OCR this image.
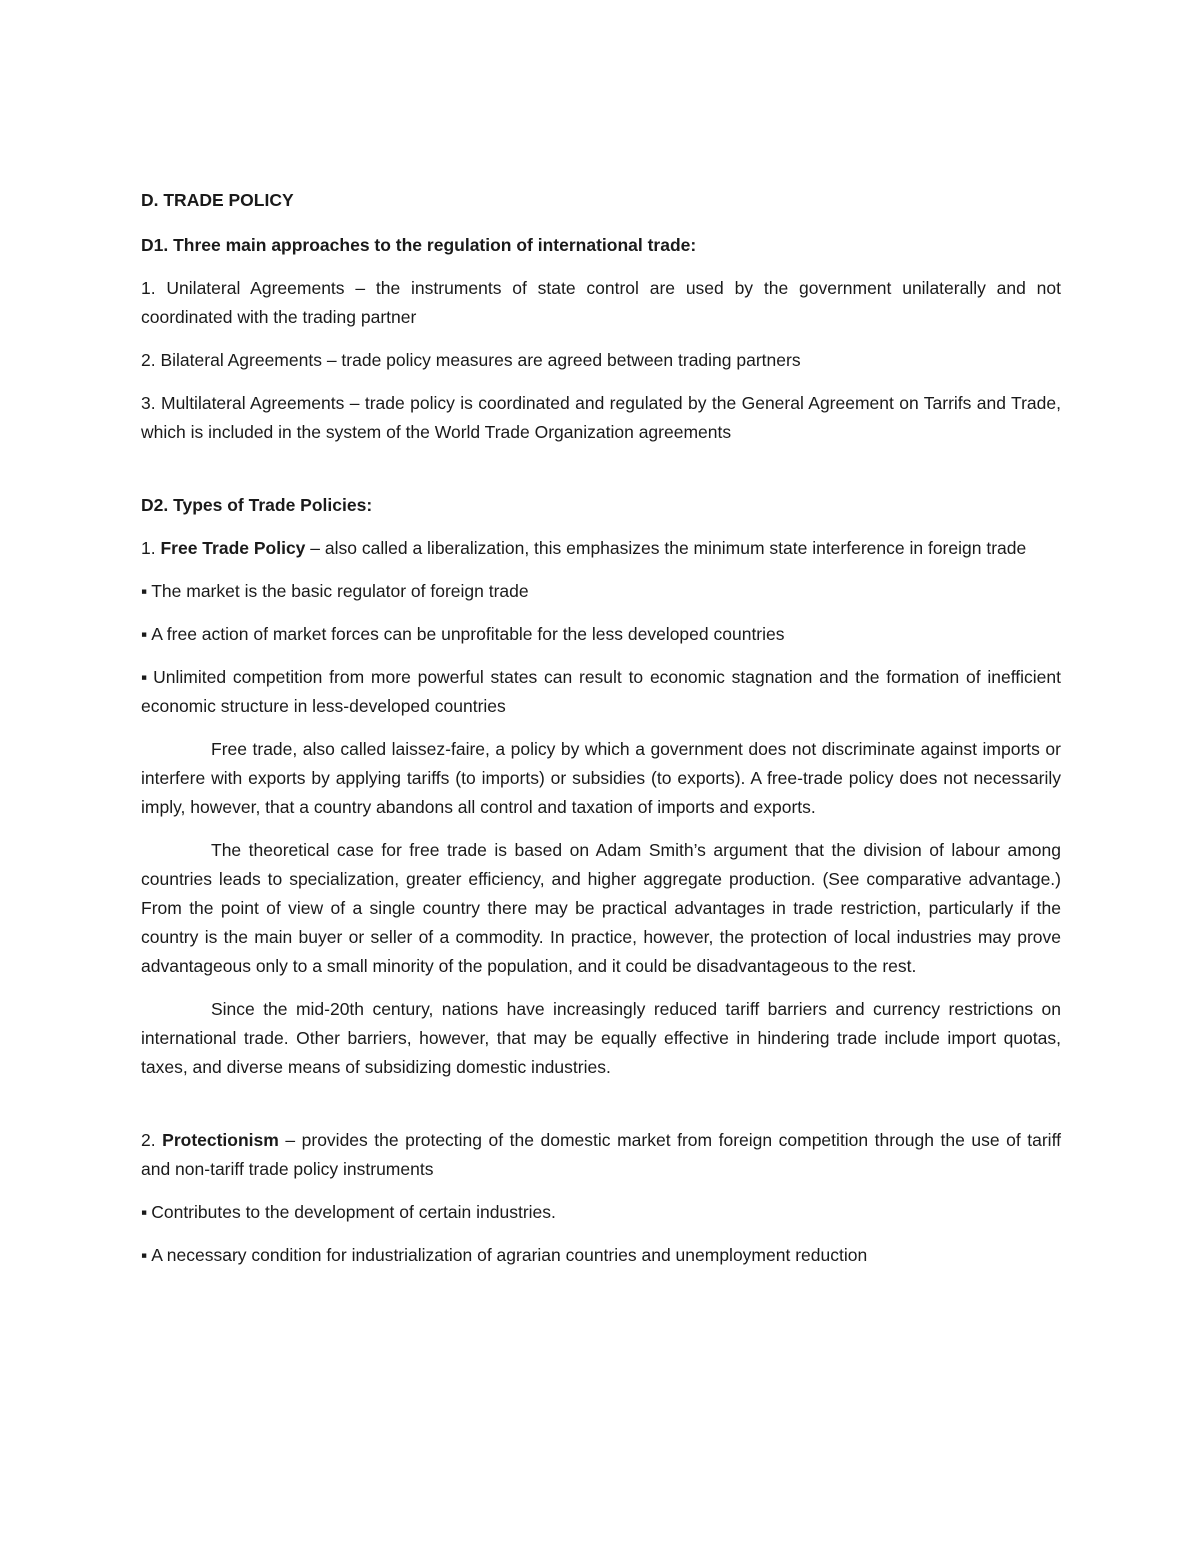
D. TRADE POLICY

D1. Three main approaches to the regulation of international trade:

1. Unilateral Agreements – the instruments of state control are used by the government unilaterally and not coordinated with the trading partner

2. Bilateral Agreements – trade policy measures are agreed between trading partners

3. Multilateral Agreements – trade policy is coordinated and regulated by the General Agreement on Tarrifs and Trade, which is included in the system of the World Trade Organization agreements

D2. Types of Trade Policies:

1. Free Trade Policy – also called a liberalization, this emphasizes the minimum state interference in foreign trade

▪ The market is the basic regulator of foreign trade

▪ A free action of market forces can be unprofitable for the less developed countries

▪ Unlimited competition from more powerful states can result to economic stagnation and the formation of inefficient economic structure in less-developed countries

Free trade, also called laissez-faire, a policy by which a government does not discriminate against imports or interfere with exports by applying tariffs (to imports) or subsidies (to exports). A free-trade policy does not necessarily imply, however, that a country abandons all control and taxation of imports and exports.

The theoretical case for free trade is based on Adam Smith’s argument that the division of labour among countries leads to specialization, greater efficiency, and higher aggregate production. (See comparative advantage.) From the point of view of a single country there may be practical advantages in trade restriction, particularly if the country is the main buyer or seller of a commodity. In practice, however, the protection of local industries may prove advantageous only to a small minority of the population, and it could be disadvantageous to the rest.

Since the mid-20th century, nations have increasingly reduced tariff barriers and currency restrictions on international trade. Other barriers, however, that may be equally effective in hindering trade include import quotas, taxes, and diverse means of subsidizing domestic industries.

2. Protectionism – provides the protecting of the domestic market from foreign competition through the use of tariff and non-tariff trade policy instruments

▪ Contributes to the development of certain industries.

▪ A necessary condition for industrialization of agrarian countries and unemployment reduction
